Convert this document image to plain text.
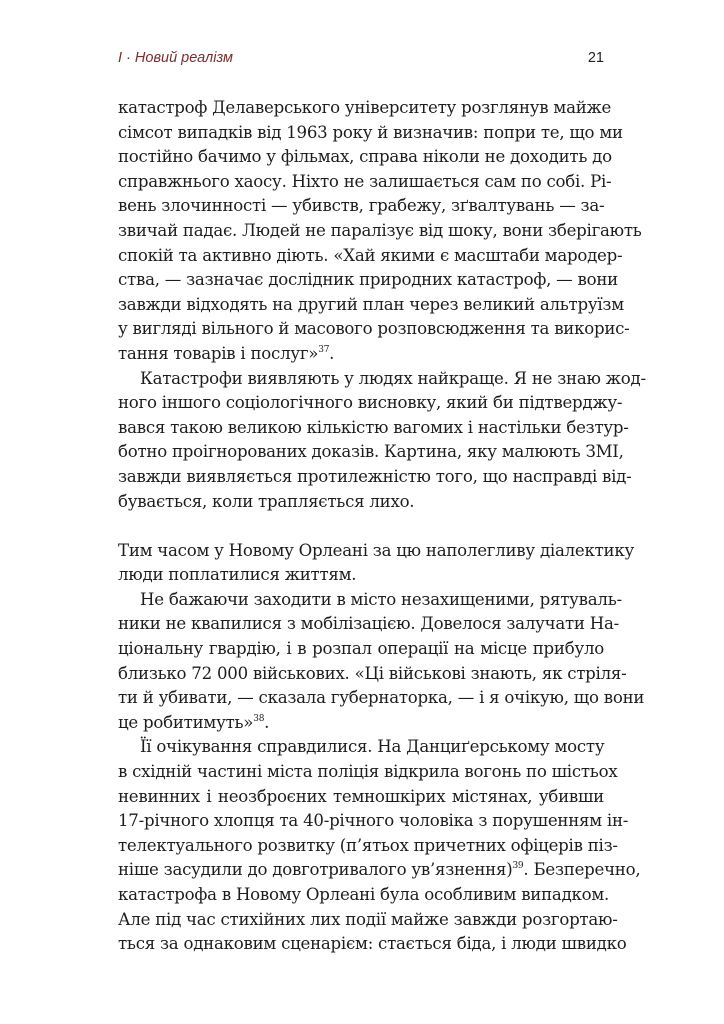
I · Новий реалізм	21

катастроф Делаверського університету розглянув майже
сімсот випадків від 1963 року й визначив: попри те, що ми
постійно бачимо у фільмах, справа ніколи не доходить до
справжнього хаосу. Ніхто не залишається сам по собі. Рі-
вень злочинності — убивств, грабежу, зґвалтувань — за-
звичай падає. Людей не паралізує від шоку, вони зберігають
спокій та активно діють. «Хай якими є масштаби мародер-
ства, — зазначає дослідник природних катастроф, — вони
завжди відходять на другий план через великий альтруїзм
у вигляді вільного й масового розповсюдження та викорис-
тання товарів і послуг»$^{37}$.

Катастрофи виявляють у людях найкраще. Я не знаю жод-
ного іншого соціологічного висновку, який би підтверджу-
вався такою великою кількістю вагомих і настільки безтур-
ботно проігнорованих доказів. Картина, яку малюють ЗМІ,
завжди виявляється протилежністю того, що насправді від-
бувається, коли трапляється лихо.

Тим часом у Новому Орлеані за цю наполегливу діалектику
люди поплатилися життям.

Не бажаючи заходити в місто незахищеними, рятуваль-
ники не квапилися з мобілізацією. Довелося залучати На-
ціональну гвардію, і в розпал операції на місце прибуло
близько 72 000 військових. «Ці військові знають, як стріля-
ти й убивати, — сказала губернаторка, — і я очікую, що вони
це робитимуть»$^{38}$.

Її очікування справдилися. На Данциґерському мосту
в східній частині міста поліція відкрила вогонь по шістьох
невинних і неозброєних темношкірих містянах, убивши
17-річного хлопця та 40-річного чоловіка з порушенням ін-
телектуального розвитку (п’ятьох причетних офіцерів піз-
ніше засудили до довготривалого ув’язнення)$^{39}$. Безперечно,
катастрофа в Новому Орлеані була особливим випадком.
Але під час стихійних лих події майже завжди розгортаю-
ться за однаковим сценарієм: стається біда, і люди швидко
